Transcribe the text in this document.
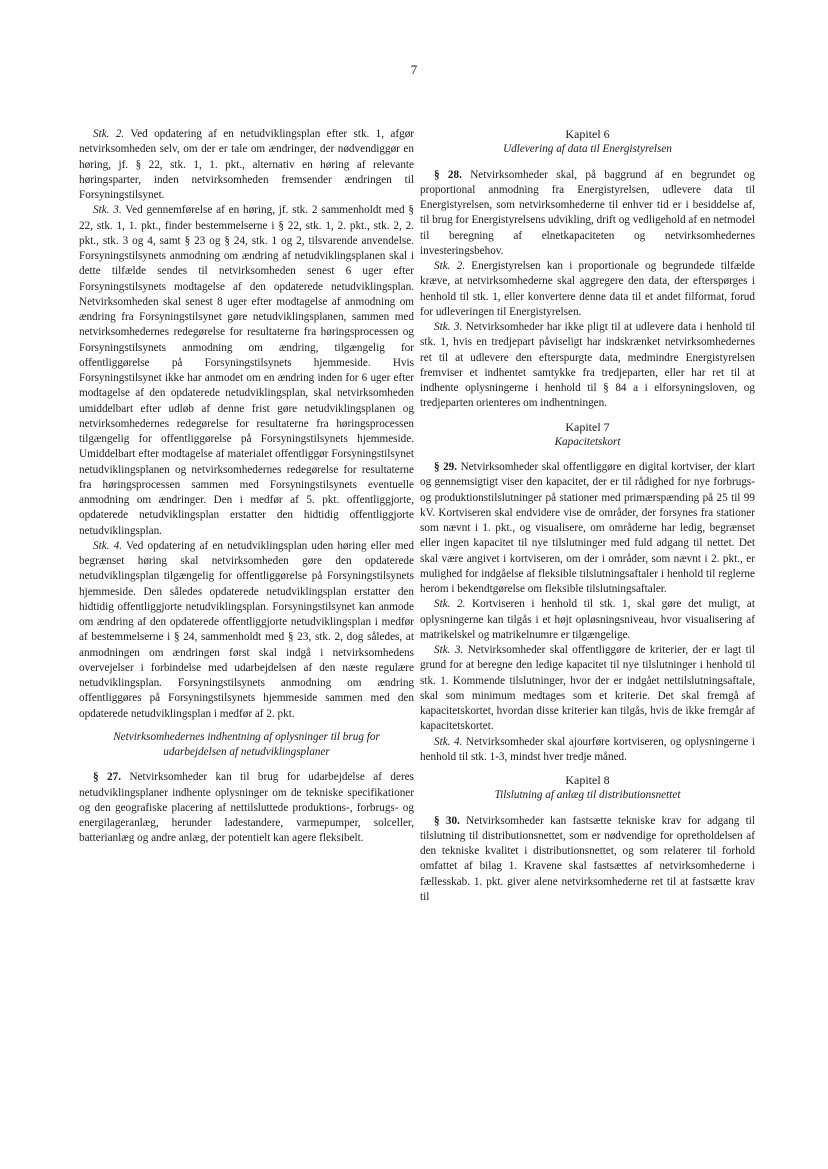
7

Stk. 2. Ved opdatering af en netudviklingsplan efter stk. 1, afgør netvirksomheden selv, om der er tale om ændringer, der nødvendiggør en høring, jf. § 22, stk. 1, 1. pkt., alternativ en høring af relevante høringsparter, inden netvirksomheden fremsender ændringen til Forsyningstilsynet.

Stk. 3. Ved gennemførelse af en høring, jf. stk. 2 sammenholdt med § 22, stk. 1, 1. pkt., finder bestemmelserne i § 22, stk. 1, 2. pkt., stk. 2, 2. pkt., stk. 3 og 4, samt § 23 og § 24, stk. 1 og 2, tilsvarende anvendelse. Forsyningstilsynets anmodning om ændring af netudviklingsplanen skal i dette tilfælde sendes til netvirksomheden senest 6 uger efter Forsyningstilsynets modtagelse af den opdaterede netudviklingsplan. Netvirksomheden skal senest 8 uger efter modtagelse af anmodning om ændring fra Forsyningstilsynet gøre netudviklingsplanen, sammen med netvirksomhedernes redegørelse for resultaterne fra høringsprocessen og Forsyningstilsynets anmodning om ændring, tilgængelig for offentliggørelse på Forsyningstilsynets hjemmeside. Hvis Forsyningstilsynet ikke har anmodet om en ændring inden for 6 uger efter modtagelse af den opdaterede netudviklingsplan, skal netvirksomheden umiddelbart efter udløb af denne frist gøre netudviklingsplanen og netvirksomhedernes redegørelse for resultaterne fra høringsprocessen tilgængelig for offentliggørelse på Forsyningstilsynets hjemmeside. Umiddelbart efter modtagelse af materialet offentliggør Forsyningstilsynet netudviklingsplanen og netvirksomhedernes redegørelse for resultaterne fra høringsprocessen sammen med Forsyningstilsynets eventuelle anmodning om ændringer. Den i medfør af 5. pkt. offentliggjorte, opdaterede netudviklingsplan erstatter den hidtidig offentliggjorte netudviklingsplan.

Stk. 4. Ved opdatering af en netudviklingsplan uden høring eller med begrænset høring skal netvirksomheden gøre den opdaterede netudviklingsplan tilgængelig for offentliggørelse på Forsyningstilsynets hjemmeside. Den således opdaterede netudviklingsplan erstatter den hidtidig offentliggjorte netudviklingsplan. Forsyningstilsynet kan anmode om ændring af den opdaterede offentliggjorte netudviklingsplan i medfør af bestemmelserne i § 24, sammenholdt med § 23, stk. 2, dog således, at anmodningen om ændringen først skal indgå i netvirksomhedens overvejelser i forbindelse med udarbejdelsen af den næste regulære netudviklingsplan. Forsyningstilsynets anmodning om ændring offentliggøres på Forsyningstilsynets hjemmeside sammen med den opdaterede netudviklingsplan i medfør af 2. pkt.

Netvirksomhedernes indhentning af oplysninger til brug for udarbejdelsen af netudviklingsplaner

§ 27. Netvirksomheder kan til brug for udarbejdelse af deres netudviklingsplaner indhente oplysninger om de tekniske specifikationer og den geografiske placering af nettilsluttede produktions-, forbrugs- og energilageranlæg, herunder ladestandere, varmepumper, solceller, batterianlæg og andre anlæg, der potentielt kan agere fleksibelt.

Kapitel 6

Udlevering af data til Energistyrelsen

§ 28. Netvirksomheder skal, på baggrund af en begrundet og proportional anmodning fra Energistyrelsen, udlevere data til Energistyrelsen, som netvirksomhederne til enhver tid er i besiddelse af, til brug for Energistyrelsens udvikling, drift og vedligehold af en netmodel til beregning af elnetkapaciteten og netvirksomhedernes investeringsbehov.

Stk. 2. Energistyrelsen kan i proportionale og begrundede tilfælde kræve, at netvirksomhederne skal aggregere den data, der efterspørges i henhold til stk. 1, eller konvertere denne data til et andet filformat, forud for udleveringen til Energistyrelsen.

Stk. 3. Netvirksomheder har ikke pligt til at udlevere data i henhold til stk. 1, hvis en tredjepart påviseligt har indskrænket netvirksomhedernes ret til at udlevere den efterspurgte data, medmindre Energistyrelsen fremviser et indhentet samtykke fra tredjeparten, eller har ret til at indhente oplysningerne i henhold til § 84 a i elforsyningsloven, og tredjeparten orienteres om indhentningen.

Kapitel 7

Kapacitetskort

§ 29. Netvirksomheder skal offentliggøre en digital kortviser, der klart og gennemsigtigt viser den kapacitet, der er til rådighed for nye forbrugs- og produktionstilslutninger på stationer med primærspænding på 25 til 99 kV. Kortviseren skal endvidere vise de områder, der forsynes fra stationer som nævnt i 1. pkt., og visualisere, om områderne har ledig, begrænset eller ingen kapacitet til nye tilslutninger med fuld adgang til nettet. Det skal være angivet i kortviseren, om der i områder, som nævnt i 2. pkt., er mulighed for indgåelse af fleksible tilslutningsaftaler i henhold til reglerne herom i bekendtgørelse om fleksible tilslutningsaftaler.

Stk. 2. Kortviseren i henhold til stk. 1, skal gøre det muligt, at oplysningerne kan tilgås i et højt opløsningsniveau, hvor visualisering af matrikelskel og matrikelnumre er tilgængelige.

Stk. 3. Netvirksomheder skal offentliggøre de kriterier, der er lagt til grund for at beregne den ledige kapacitet til nye tilslutninger i henhold til stk. 1. Kommende tilslutninger, hvor der er indgået nettilslutningsaftale, skal som minimum medtages som et kriterie. Det skal fremgå af kapacitetskortet, hvordan disse kriterier kan tilgås, hvis de ikke fremgår af kapacitetskortet.

Stk. 4. Netvirksomheder skal ajourføre kortviseren, og oplysningerne i henhold til stk. 1-3, mindst hver tredje måned.

Kapitel 8

Tilslutning af anlæg til distributionsnettet

§ 30. Netvirksomheder kan fastsætte tekniske krav for adgang til tilslutning til distributionsnettet, som er nødvendige for opretholdelsen af den tekniske kvalitet i distributionsnettet, og som relaterer til forhold omfattet af bilag 1. Kravene skal fastsættes af netvirksomhederne i fællesskab. 1. pkt. giver alene netvirksomhederne ret til at fastsætte krav til
